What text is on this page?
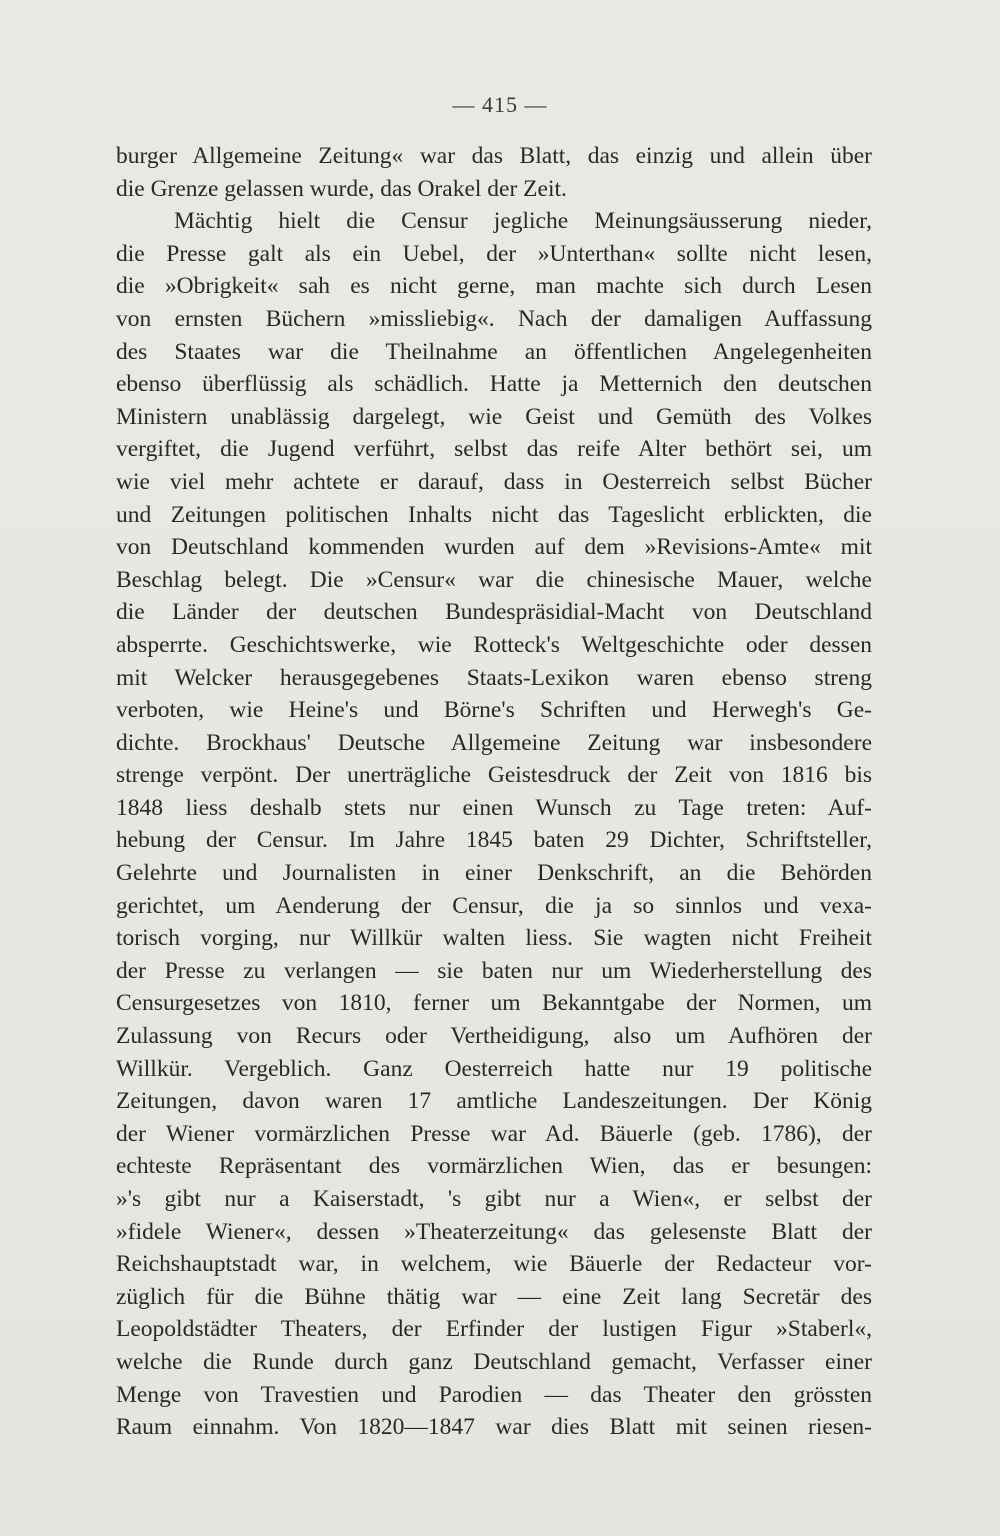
— 415 —
burger Allgemeine Zeitung« war das Blatt, das einzig und allein über
die Grenze gelassen wurde, das Orakel der Zeit.
Mächtig hielt die Censur jegliche Meinungsäusserung nieder,
die Presse galt als ein Uebel, der »Unterthan« sollte nicht lesen,
die »Obrigkeit« sah es nicht gerne, man machte sich durch Lesen
von ernsten Büchern »missliebig«. Nach der damaligen Auffassung
des Staates war die Theilnahme an öffentlichen Angelegenheiten
ebenso überflüssig als schädlich. Hatte ja Metternich den deutschen
Ministern unablässig dargelegt, wie Geist und Gemüth des Volkes
vergiftet, die Jugend verführt, selbst das reife Alter bethört sei, um
wie viel mehr achtete er darauf, dass in Oesterreich selbst Bücher
und Zeitungen politischen Inhalts nicht das Tageslicht erblickten, die
von Deutschland kommenden wurden auf dem »Revisions-Amte« mit
Beschlag belegt. Die »Censur« war die chinesische Mauer, welche
die Länder der deutschen Bundespräsidial-Macht von Deutschland
absperrte. Geschichtswerke, wie Rotteck's Weltgeschichte oder dessen
mit Welcker herausgegebenes Staats-Lexikon waren ebenso streng
verboten, wie Heine's und Börne's Schriften und Herwegh's Ge-
dichte. Brockhaus' Deutsche Allgemeine Zeitung war insbesondere
strenge verpönt. Der unerträgliche Geistesdruck der Zeit von 1816 bis
1848 liess deshalb stets nur einen Wunsch zu Tage treten: Auf-
hebung der Censur. Im Jahre 1845 baten 29 Dichter, Schriftsteller,
Gelehrte und Journalisten in einer Denkschrift, an die Behörden
gerichtet, um Aenderung der Censur, die ja so sinnlos und vexa-
torisch vorging, nur Willkür walten liess. Sie wagten nicht Freiheit
der Presse zu verlangen — sie baten nur um Wiederherstellung des
Censurgesetzes von 1810, ferner um Bekanntgabe der Normen, um
Zulassung von Recurs oder Vertheidigung, also um Aufhören der
Willkür. Vergeblich. Ganz Oesterreich hatte nur 19 politische
Zeitungen, davon waren 17 amtliche Landeszeitungen. Der König
der Wiener vormärzlichen Presse war Ad. Bäuerle (geb. 1786), der
echteste Repräsentant des vormärzlichen Wien, das er besungen:
»'s gibt nur a Kaiserstadt, 's gibt nur a Wien«, er selbst der
»fidele Wiener«, dessen »Theaterzeitung« das gelesenste Blatt der
Reichshauptstadt war, in welchem, wie Bäuerle der Redacteur vor-
züglich für die Bühne thätig war — eine Zeit lang Secretär des
Leopoldstädter Theaters, der Erfinder der lustigen Figur »Staberl«,
welche die Runde durch ganz Deutschland gemacht, Verfasser einer
Menge von Travestien und Parodien — das Theater den grössten
Raum einnahm. Von 1820—1847 war dies Blatt mit seinen riesen-
